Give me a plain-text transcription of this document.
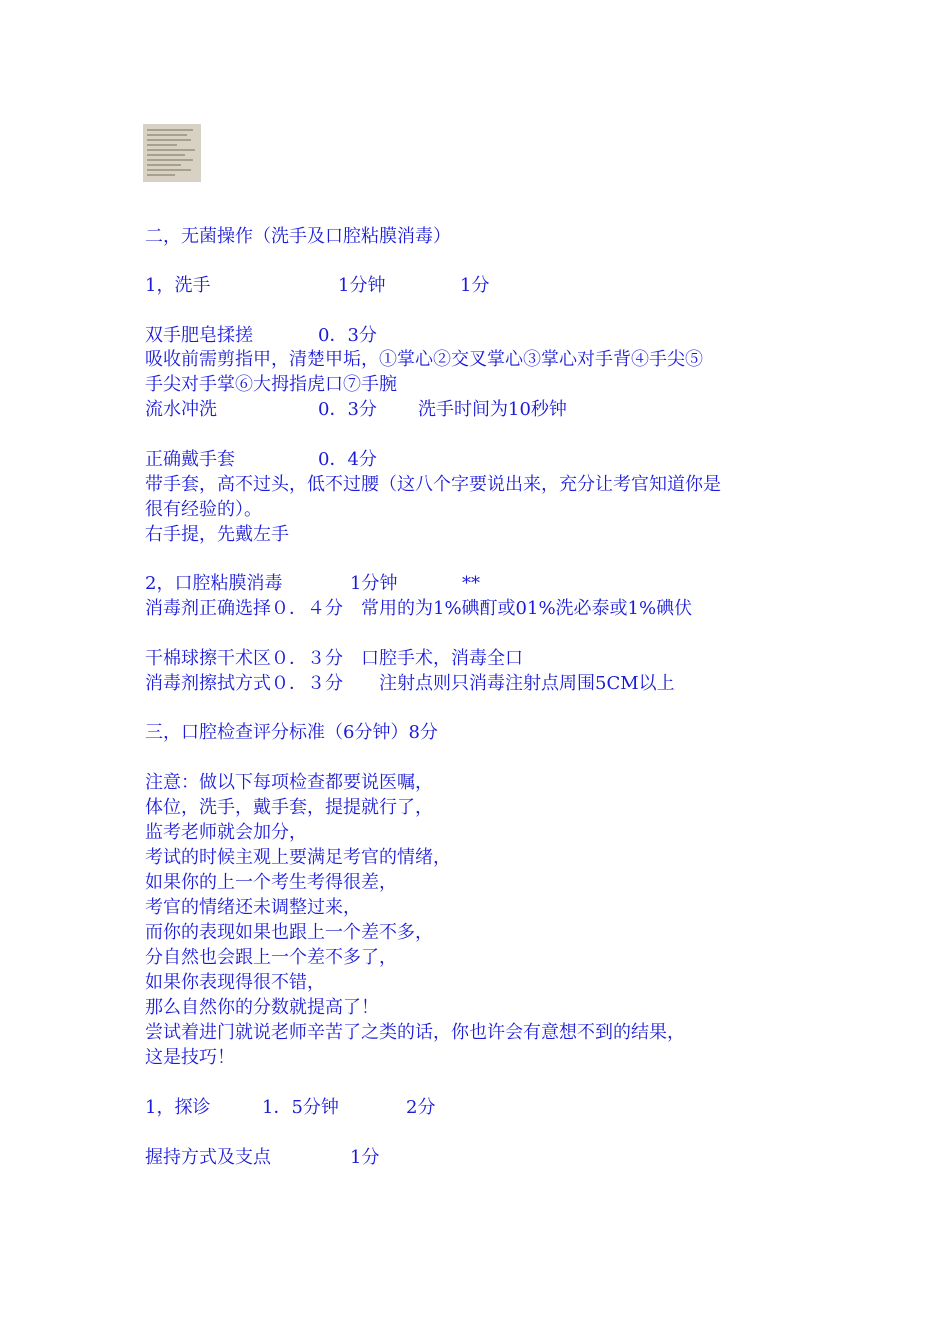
二，无菌操作（洗手及口腔粘膜消毒）
1，洗手	1分钟	1分
双手肥皂揉搓	0．3分
吸收前需剪指甲，清楚甲垢，①掌心②交叉掌心③掌心对手背④手尖⑤
手尖对手掌⑥大拇指虎口⑦手腕
流水冲洗	0．3分 洗手时间为10秒钟
正确戴手套	0．4分
带手套，高不过头，低不过腰（这八个字要说出来，充分让考官知道你是
很有经验的）。
右手提，先戴左手
2，口腔粘膜消毒	1分钟	**
消毒剂正确选择０．４分　常用的为1%碘酊或01%洗必泰或1%碘伏
干棉球擦干术区０．３分　口腔手术，消毒全口
消毒剂擦拭方式０．３分　　注射点则只消毒注射点周围5CM以上
三，口腔检查评分标准（6分钟）8分
注意：做以下每项检查都要说医嘱，
体位，洗手，戴手套，提提就行了，
监考老师就会加分，
考试的时候主观上要满足考官的情绪，
如果你的上一个考生考得很差，
考官的情绪还未调整过来，
而你的表现如果也跟上一个差不多，
分自然也会跟上一个差不多了，
如果你表现得很不错，
那么自然你的分数就提高了！
尝试着进门就说老师辛苦了之类的话，你也许会有意想不到的结果，
这是技巧！
1，探诊	1．5分钟	2分
握持方式及支点	1分
